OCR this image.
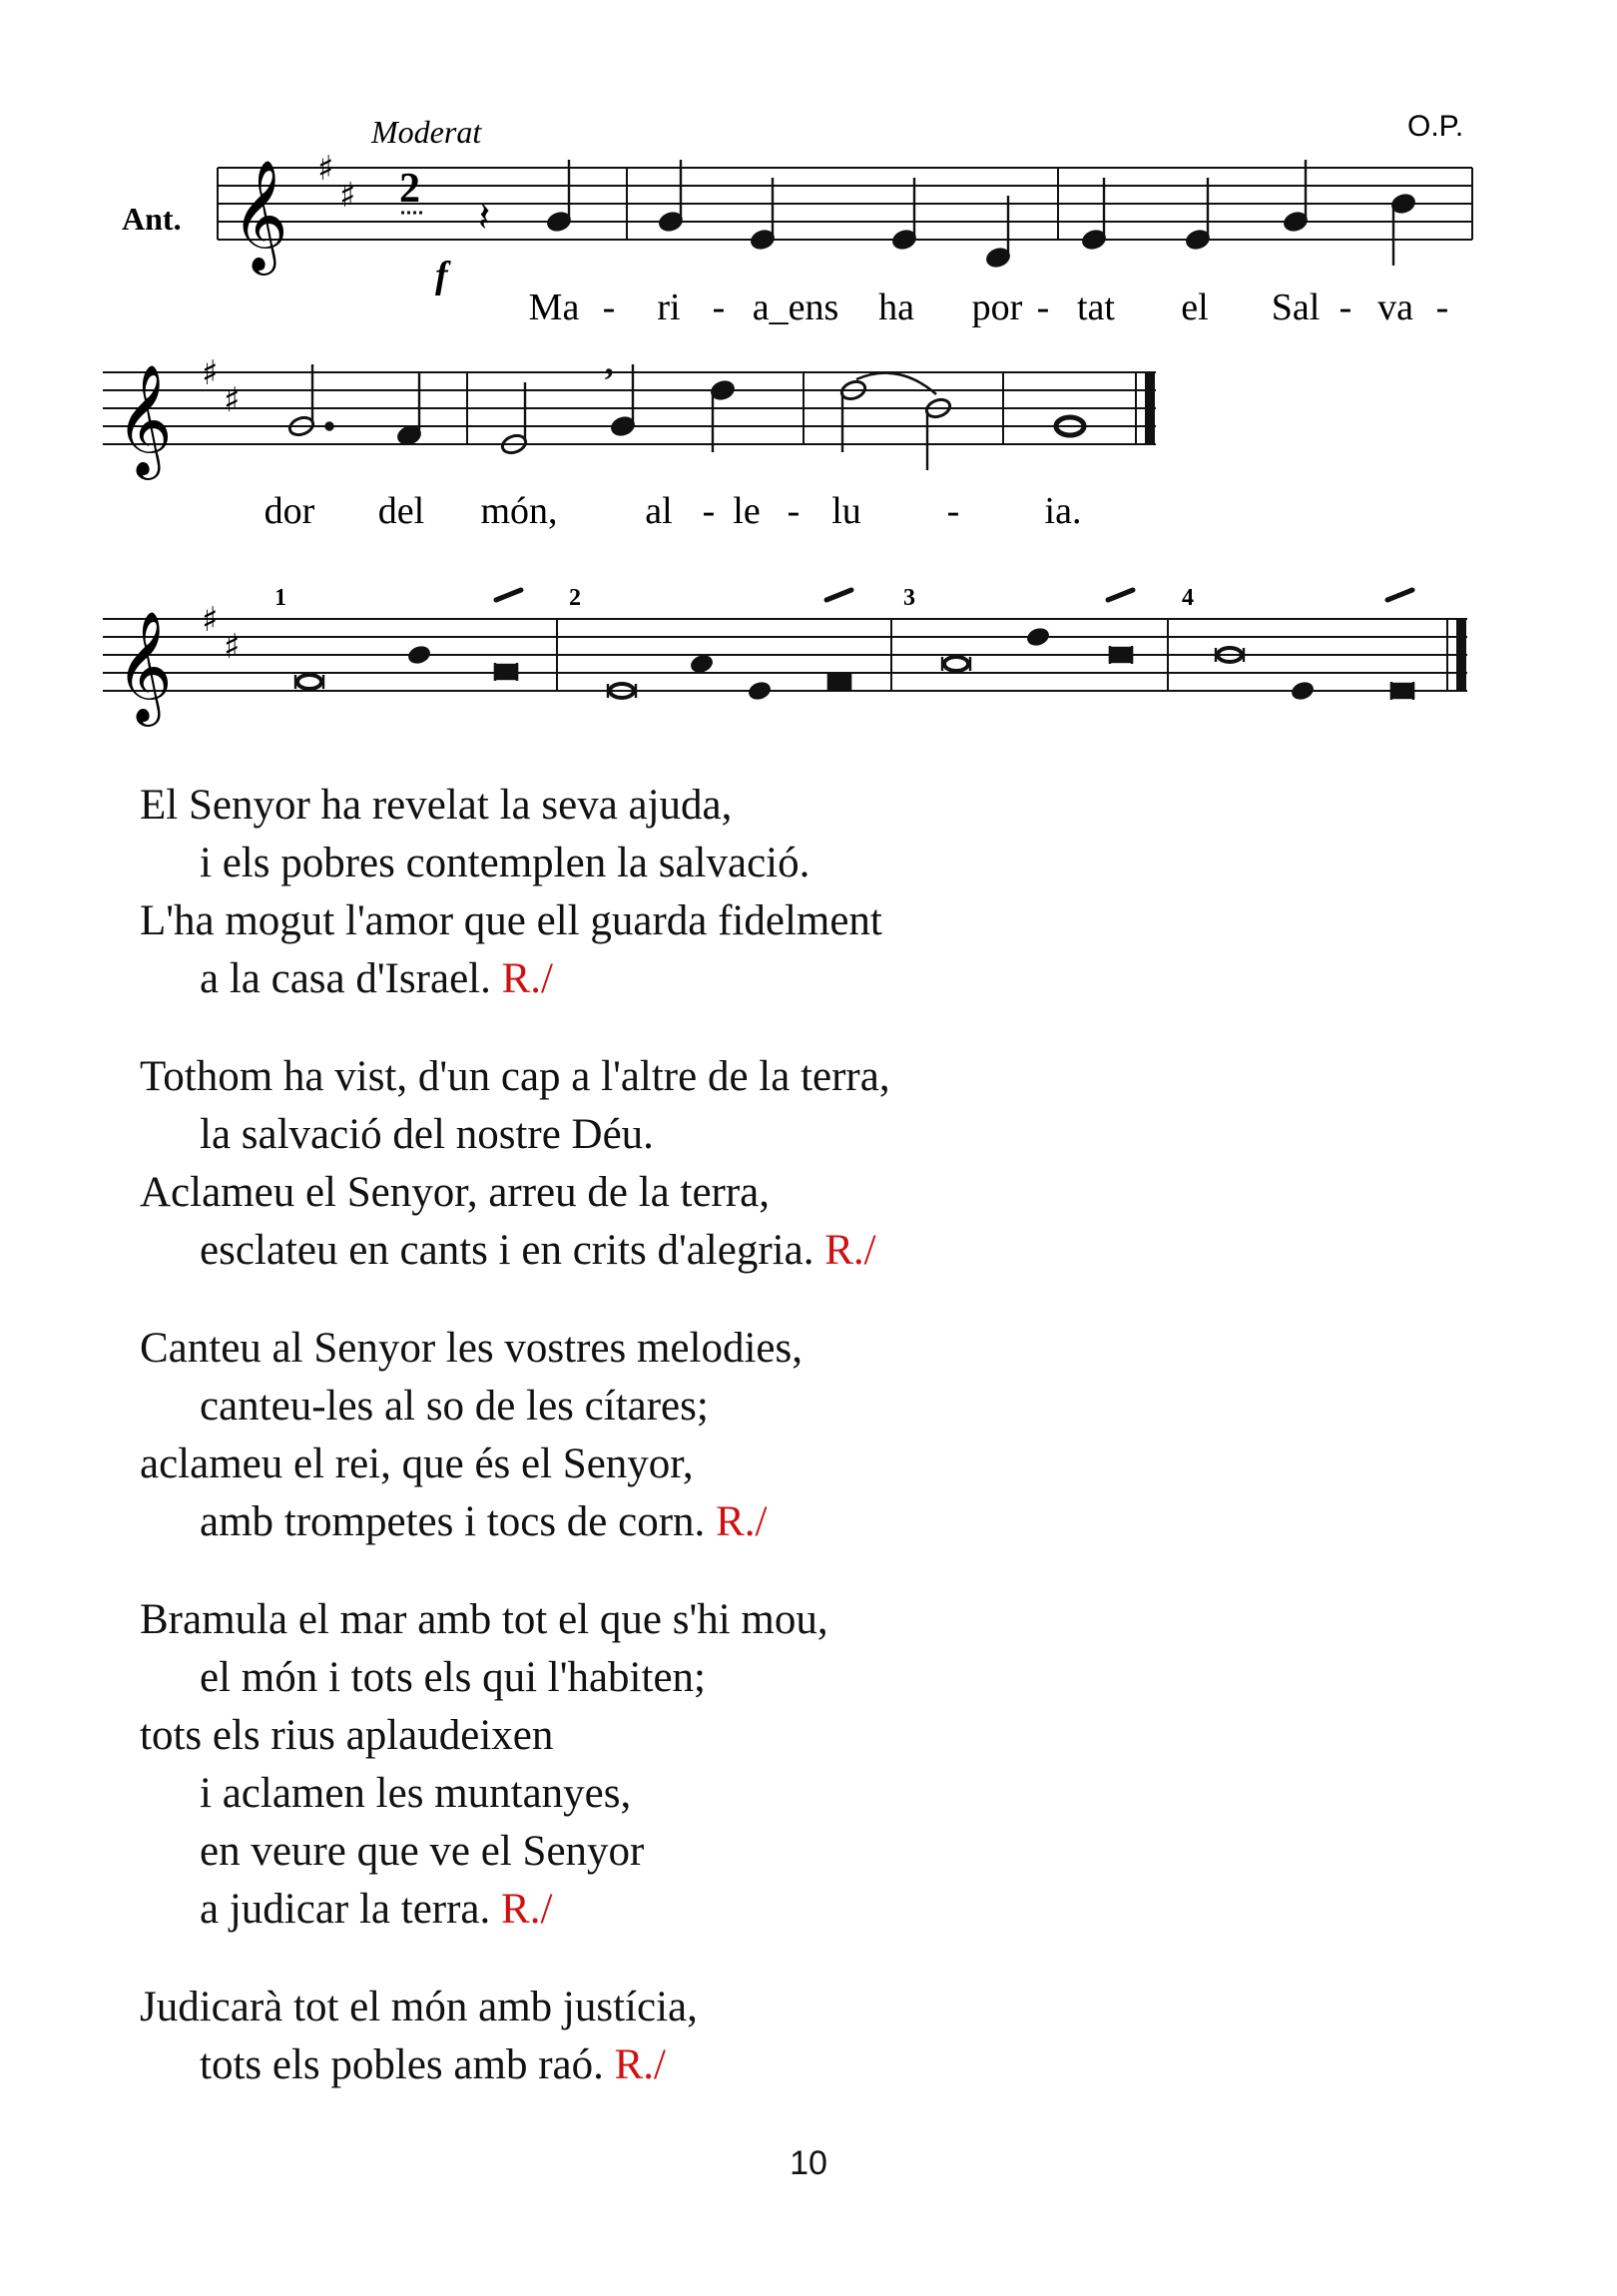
Moderat	O.P.
Ant. 𝄞 ♯
♯ 2
𝄽
f
Ma - ri - a_ens ha por - tat el Sal - va -
𝄞 ♯
♯	’
dor del món, al - le - lu - ia.
𝄞 ♯
♯
1	2	3	4
El Senyor ha revelat la seva ajuda,
i els pobres contemplen la salvació.
L'ha mogut l'amor que ell guarda fidelment
a la casa d'Israel. R./
Tothom ha vist, d'un cap a l'altre de la terra,
la salvació del nostre Déu.
Aclameu el Senyor, arreu de la terra,
esclateu en cants i en crits d'alegria. R./
Canteu al Senyor les vostres melodies,
canteu-les al so de les cítares;
aclameu el rei, que és el Senyor,
amb trompetes i tocs de corn. R./
Bramula el mar amb tot el que s'hi mou,
el món i tots els qui l'habiten;
tots els rius aplaudeixen
i aclamen les muntanyes,
en veure que ve el Senyor
a judicar la terra. R./
Judicarà tot el món amb justícia,
tots els pobles amb raó. R./
10
